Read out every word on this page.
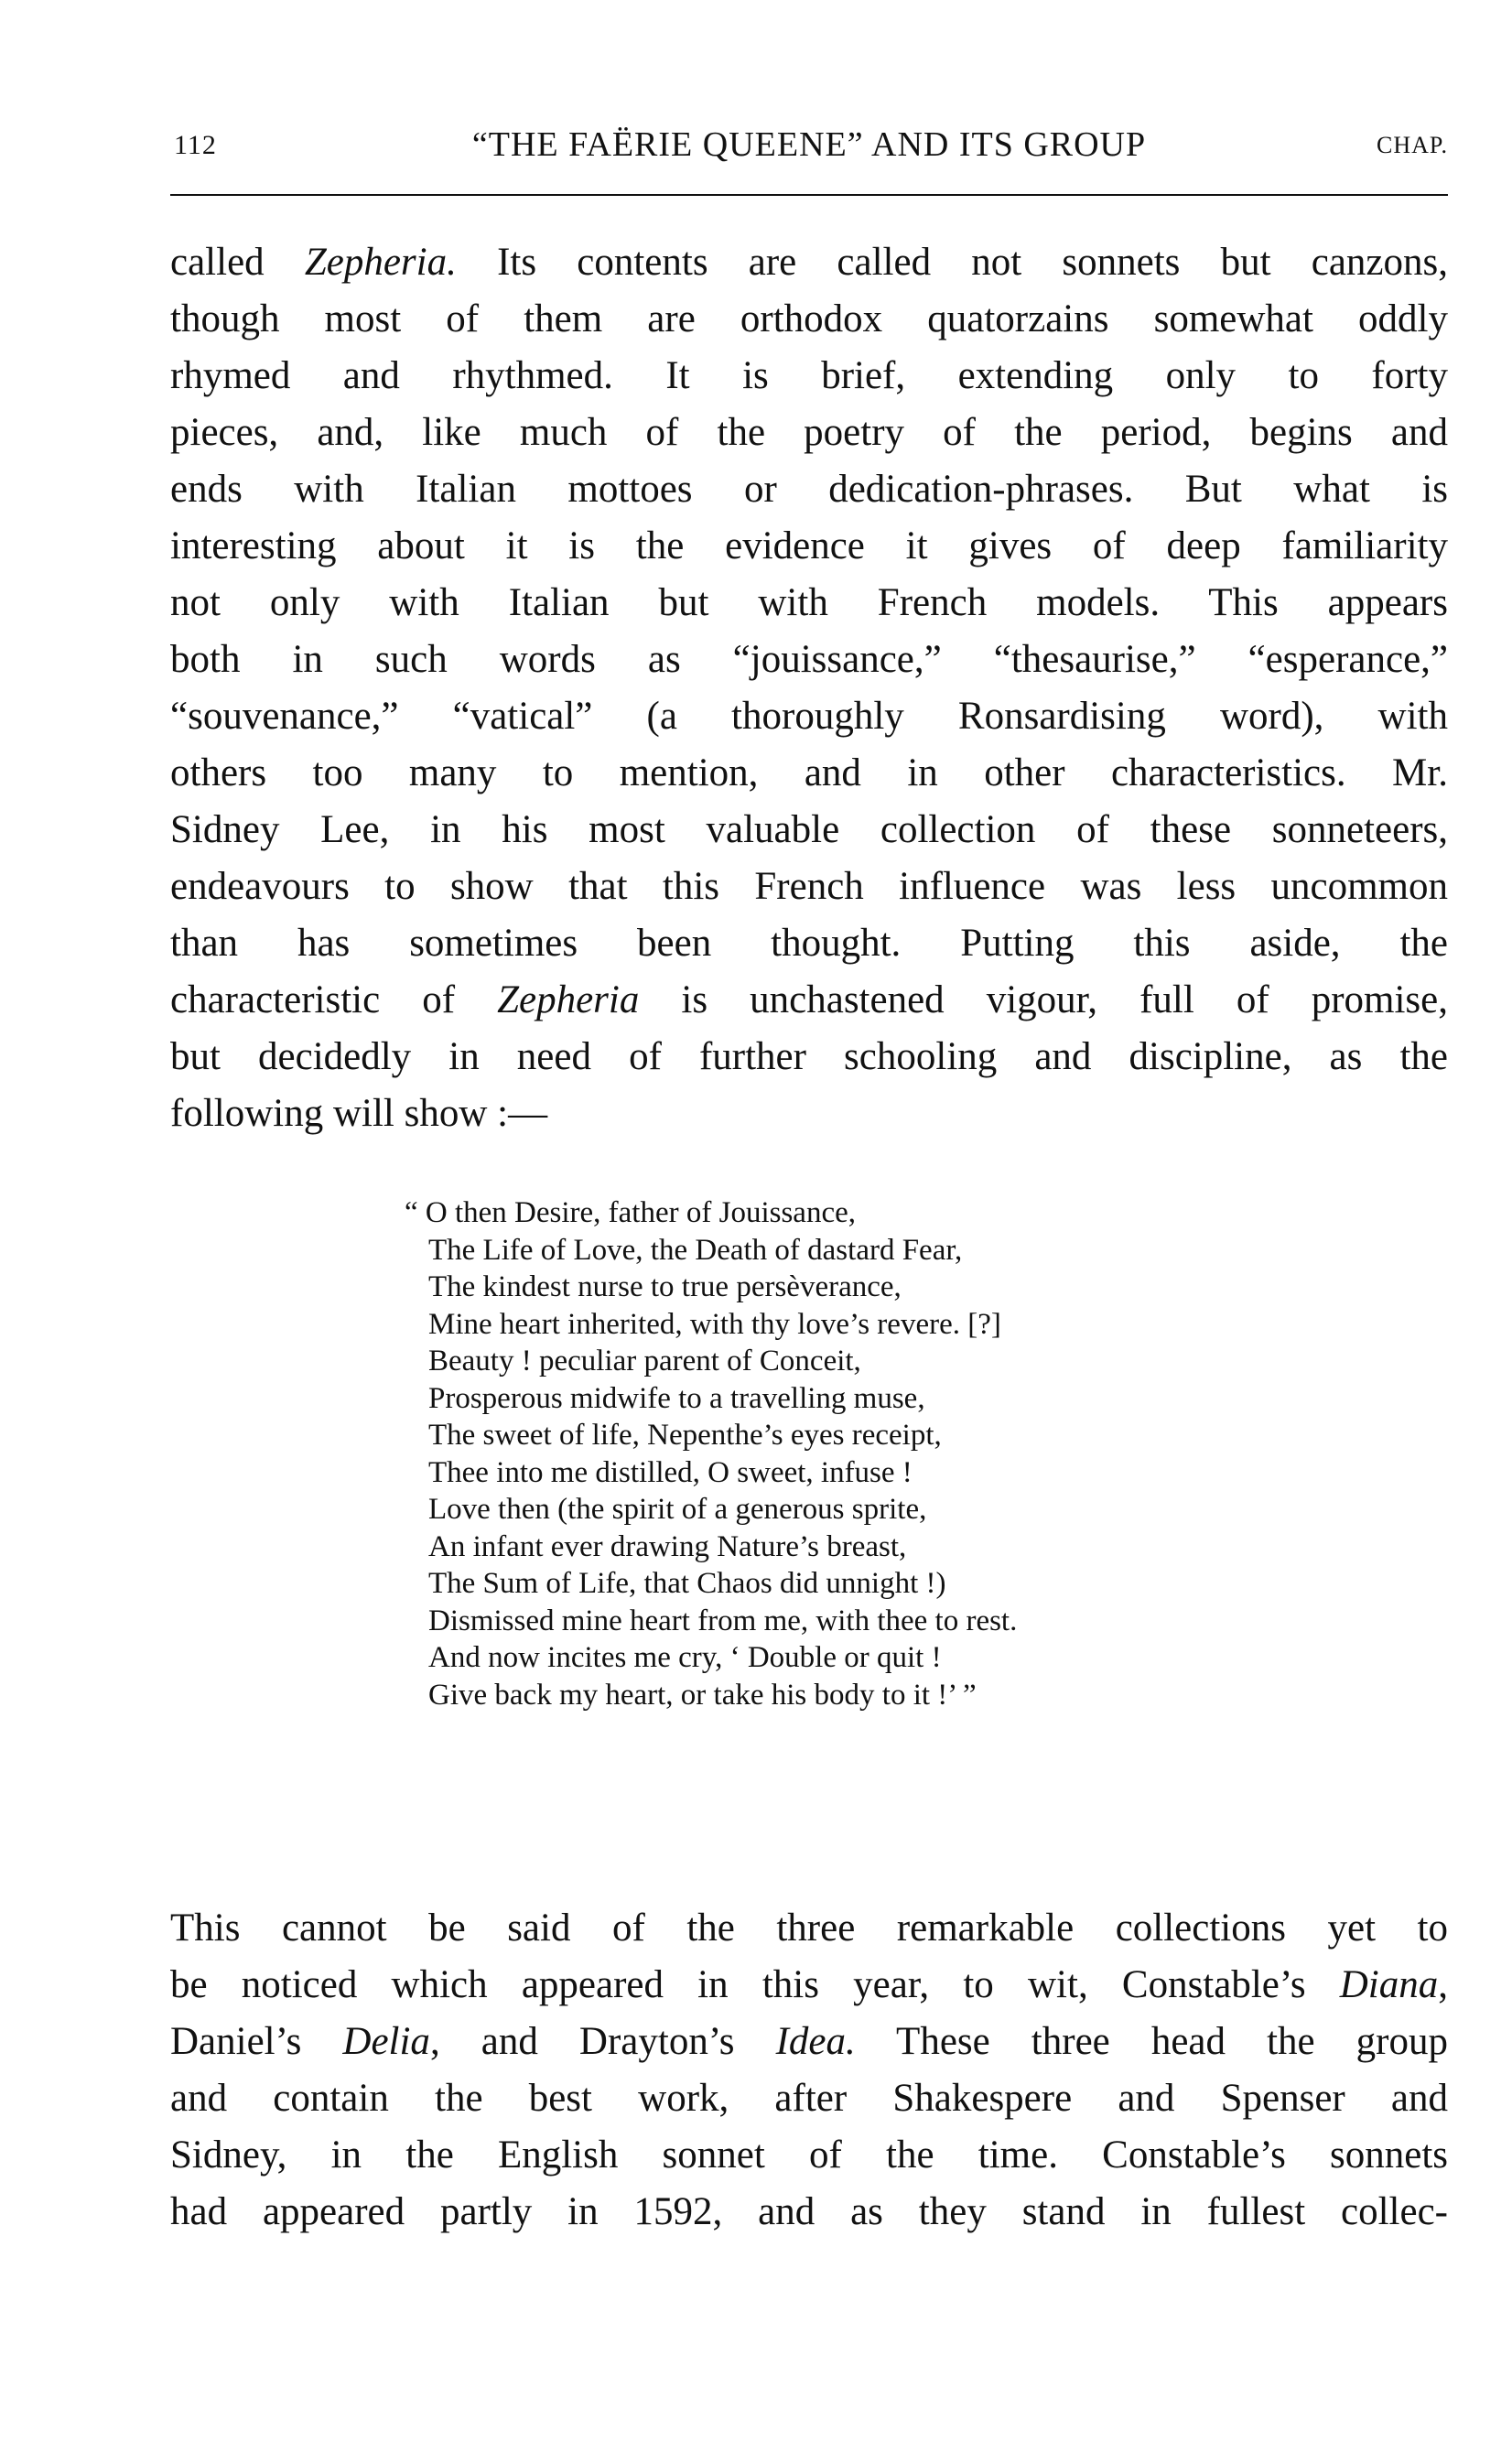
112	“THE FAËRIE QUEENE” AND ITS GROUP	CHAP.
called Zepheria. Its contents are called not sonnets but canzons,
though most of them are orthodox quatorzains somewhat oddly
rhymed and rhythmed. It is brief, extending only to forty
pieces, and, like much of the poetry of the period, begins and
ends with Italian mottoes or dedication-phrases. But what is
interesting about it is the evidence it gives of deep familiarity
not only with Italian but with French models. This appears
both in such words as “jouissance,” “thesaurise,” “esperance,”
“souvenance,” “vatical” (a thoroughly Ronsardising word), with
others too many to mention, and in other characteristics. Mr.
Sidney Lee, in his most valuable collection of these sonneteers,
endeavours to show that this French influence was less uncommon
than has sometimes been thought. Putting this aside, the
characteristic of Zepheria is unchastened vigour, full of promise,
but decidedly in need of further schooling and discipline, as the
following will show :—
“ O then Desire, father of Jouissance,
The Life of Love, the Death of dastard Fear,
The kindest nurse to true persèverance,
Mine heart inherited, with thy love’s revere. [?]
Beauty ! peculiar parent of Conceit,
Prosperous midwife to a travelling muse,
The sweet of life, Nepenthe’s eyes receipt,
Thee into me distilled, O sweet, infuse !
Love then (the spirit of a generous sprite,
An infant ever drawing Nature’s breast,
The Sum of Life, that Chaos did unnight !)
Dismissed mine heart from me, with thee to rest.
And now incites me cry, ‘ Double or quit !
Give back my heart, or take his body to it !’ ”
This cannot be said of the three remarkable collections yet to
be noticed which appeared in this year, to wit, Constable’s Diana,
Daniel’s Delia, and Drayton’s Idea. These three head the group
and contain the best work, after Shakespere and Spenser and
Sidney, in the English sonnet of the time. Constable’s sonnets
had appeared partly in 1592, and as they stand in fullest collec-
